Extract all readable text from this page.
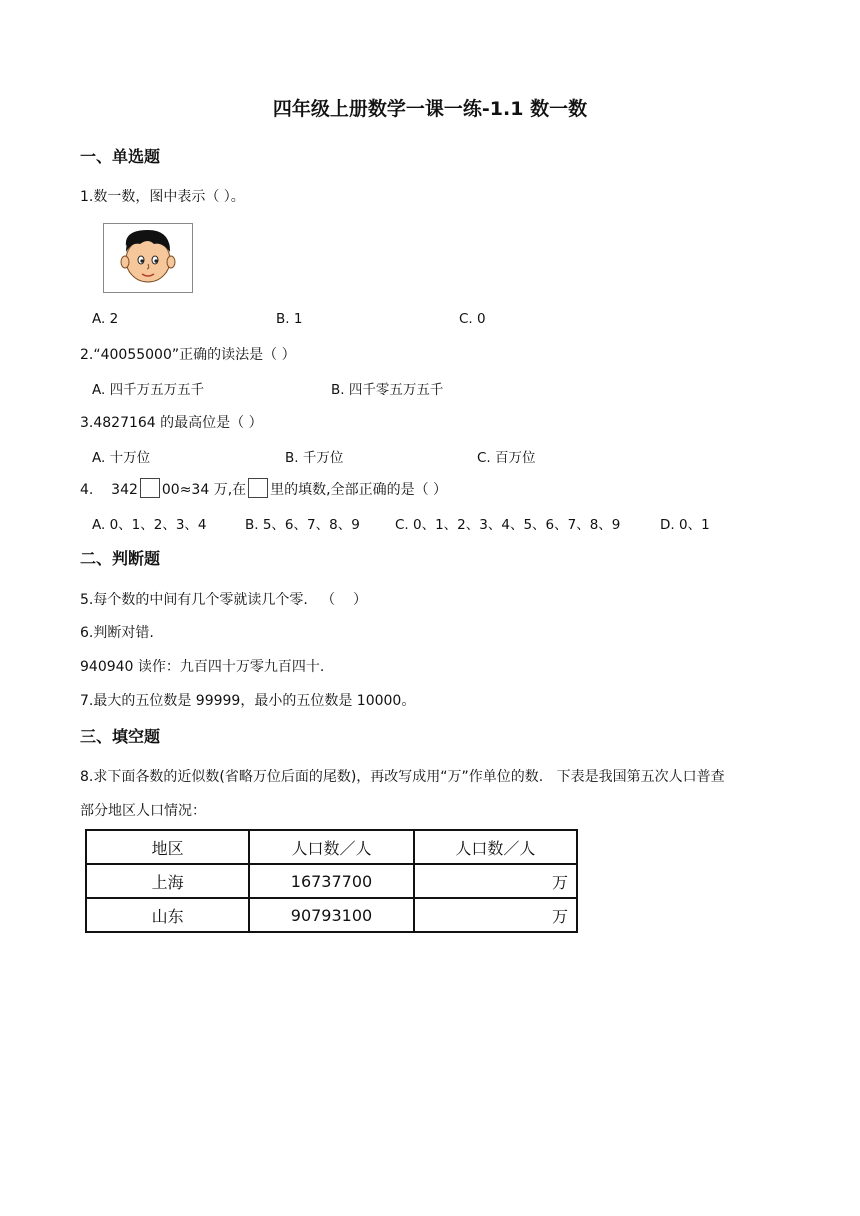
四年级上册数学一课一练-1.1 数一数
一、单选题
1.数一数，图中表示（ ）。
A. 2	B. 1	C. 0
2.“40055000”正确的读法是（ ）
A. 四千万五万五千	B. 四千零五万五千
3.4827164 的最高位是（ ）
A. 十万位	B. 千万位	C. 百万位
4.    342 00≈34 万,在 里的填数,全部正确的是（ ）
A. 0、1、2、3、4	B. 5、6、7、8、9	C. 0、1、2、3、4、5、6、7、8、9	D. 0、1
二、判断题
5.每个数的中间有几个零就读几个零.   （    ）
6.判断对错.
940940 读作：九百四十万零九百四十.
7.最大的五位数是 99999，最小的五位数是 10000。
三、填空题
8.求下面各数的近似数(省略万位后面的尾数)，再改写成用“万”作单位的数.   下表是我国第五次人口普查
部分地区人口情况：
地区	人口数／人	人口数／人
上海	16737700	万
山东	90793100	万
